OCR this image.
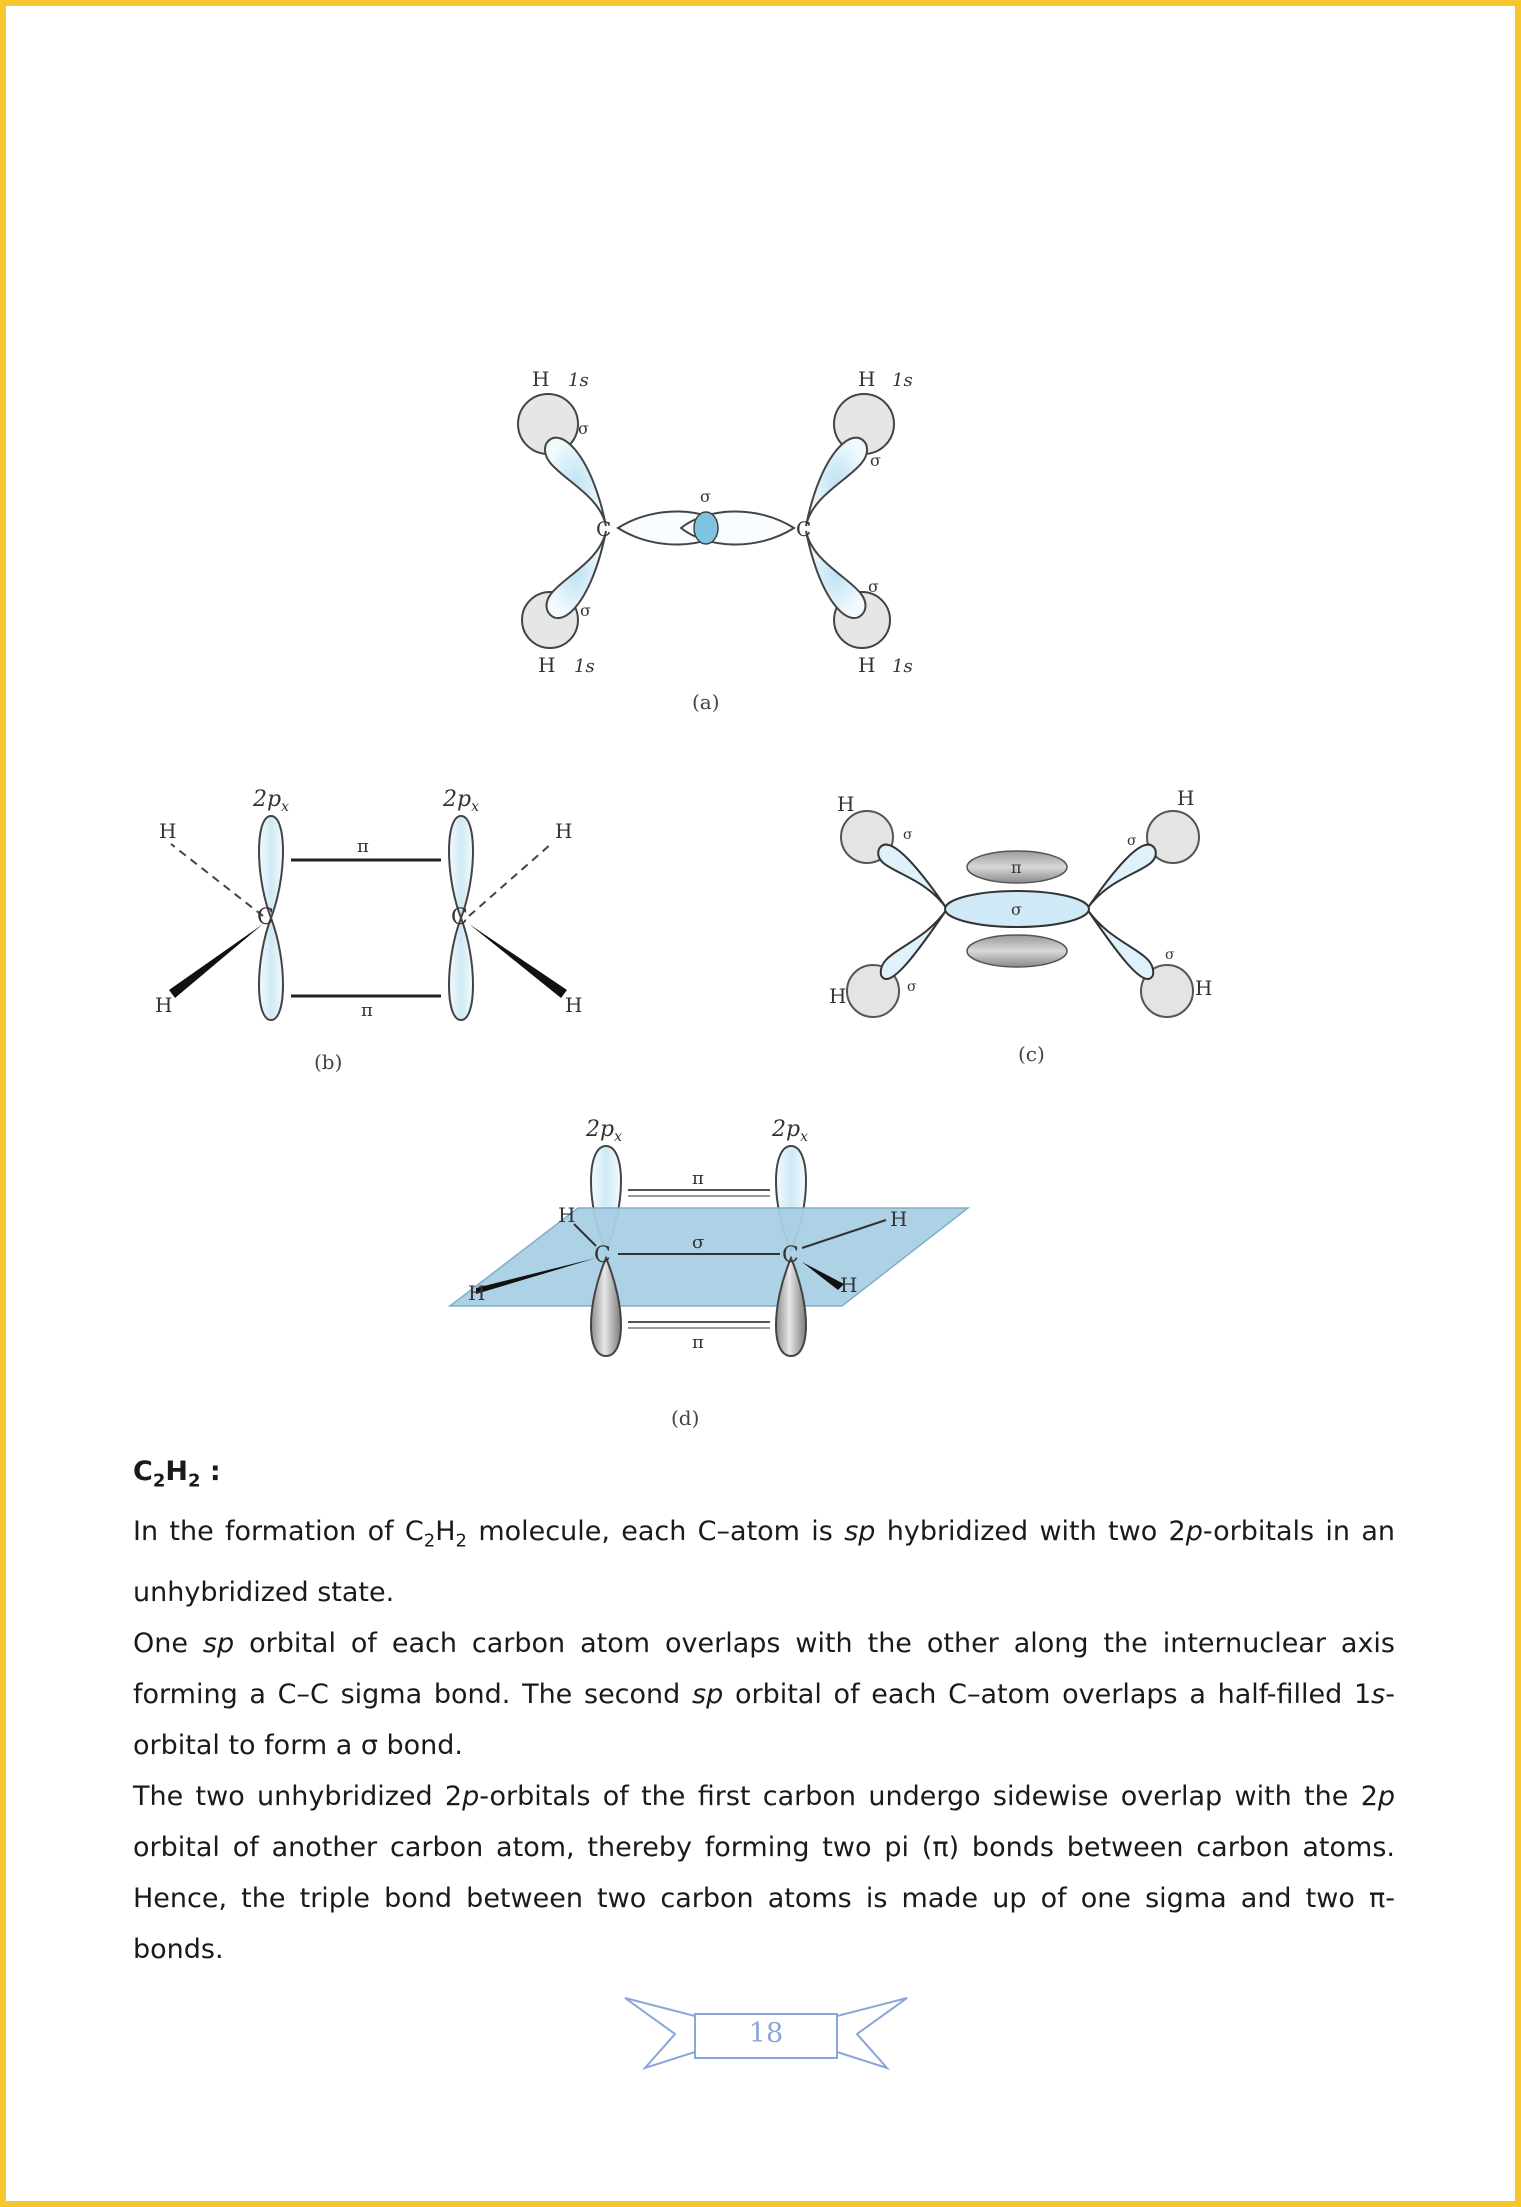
H 1s	H 1s
H 1s	H 1s
C	C
σ
σ
σ
σ
σ
(a)
$2p_x$	$2p_x$
π
π
C	C
H	H
H	H
(b)
π
σ
σ	σ
σ
σ
H	H
H	H
(c)
$2p_x$	$2p_x$
π
π
σ
C	C
H	H
H	H
(d)

$C_2H_2$ :

In the formation of $C_2H_2$ molecule, each C–atom is sp hybridized with two 2p-orbitals in an unhybridized state.

One sp orbital of each carbon atom overlaps with the other along the internuclear axis forming a C–C sigma bond. The second sp orbital of each C–atom overlaps a half-filled 1s-orbital to form a σ bond.

The two unhybridized 2p-orbitals of the first carbon undergo sidewise overlap with the 2p orbital of another carbon atom, thereby forming two pi (π) bonds between carbon atoms. Hence, the triple bond between two carbon atoms is made up of one sigma and two π-bonds.

18
